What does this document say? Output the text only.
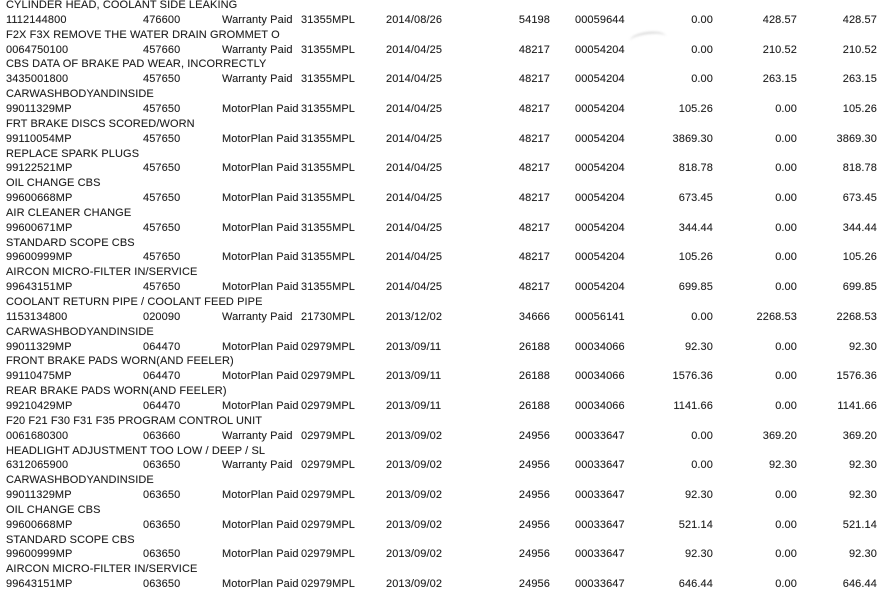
CYLINDER HEAD, COOLANT SIDE LEAKING
1112144800	476600	Warranty Paid 31355MPL	2014/08/26	54198 00059644	0.00	428.57	428.57
F2X F3X REMOVE THE WATER DRAIN GROMMET O
0064750100	457660	Warranty Paid 31355MPL	2014/04/25	48217 00054204	0.00	210.52	210.52
CBS DATA OF BRAKE PAD WEAR, INCORRECTLY
3435001800	457650	Warranty Paid 31355MPL	2014/04/25	48217 00054204	0.00	263.15	263.15
CARWASHBODYANDINSIDE
99011329MP	457650	MotorPlan Paid 31355MPL	2014/04/25	48217 00054204	105.26	0.00	105.26
FRT BRAKE DISCS SCORED/WORN
99110054MP	457650	MotorPlan Paid 31355MPL	2014/04/25	48217 00054204	3869.30	0.00	3869.30
REPLACE SPARK PLUGS
99122521MP	457650	MotorPlan Paid 31355MPL	2014/04/25	48217 00054204	818.78	0.00	818.78
OIL CHANGE CBS
99600668MP	457650	MotorPlan Paid 31355MPL	2014/04/25	48217 00054204	673.45	0.00	673.45
AIR CLEANER CHANGE
99600671MP	457650	MotorPlan Paid 31355MPL	2014/04/25	48217 00054204	344.44	0.00	344.44
STANDARD SCOPE CBS
99600999MP	457650	MotorPlan Paid 31355MPL	2014/04/25	48217 00054204	105.26	0.00	105.26
AIRCON MICRO-FILTER IN/SERVICE
99643151MP	457650	MotorPlan Paid 31355MPL	2014/04/25	48217 00054204	699.85	0.00	699.85
COOLANT RETURN PIPE / COOLANT FEED PIPE
1153134800	020090	Warranty Paid 21730MPL	2013/12/02	34666 00056141	0.00	2268.53	2268.53
CARWASHBODYANDINSIDE
99011329MP	064470	MotorPlan Paid 02979MPL	2013/09/11	26188 00034066	92.30	0.00	92.30
FRONT BRAKE PADS WORN(AND FEELER)
99110475MP	064470	MotorPlan Paid 02979MPL	2013/09/11	26188 00034066	1576.36	0.00	1576.36
REAR BRAKE PADS WORN(AND FEELER)
99210429MP	064470	MotorPlan Paid 02979MPL	2013/09/11	26188 00034066	1141.66	0.00	1141.66
F20 F21 F30 F31 F35 PROGRAM CONTROL UNIT
0061680300	063660	Warranty Paid 02979MPL	2013/09/02	24956 00033647	0.00	369.20	369.20
HEADLIGHT ADJUSTMENT TOO LOW / DEEP / SL
6312065900	063650	Warranty Paid 02979MPL	2013/09/02	24956 00033647	0.00	92.30	92.30
CARWASHBODYANDINSIDE
99011329MP	063650	MotorPlan Paid 02979MPL	2013/09/02	24956 00033647	92.30	0.00	92.30
OIL CHANGE CBS
99600668MP	063650	MotorPlan Paid 02979MPL	2013/09/02	24956 00033647	521.14	0.00	521.14
STANDARD SCOPE CBS
99600999MP	063650	MotorPlan Paid 02979MPL	2013/09/02	24956 00033647	92.30	0.00	92.30
AIRCON MICRO-FILTER IN/SERVICE
99643151MP	063650	MotorPlan Paid 02979MPL	2013/09/02	24956 00033647	646.44	0.00	646.44
